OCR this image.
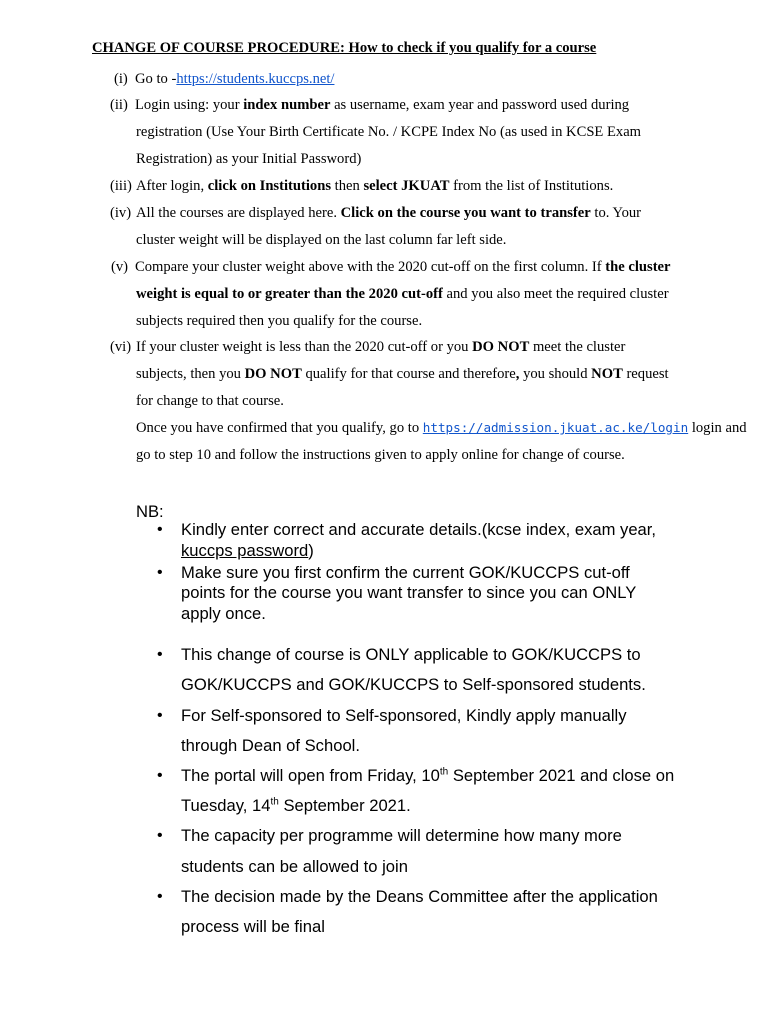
CHANGE OF COURSE PROCEDURE: How to check if you qualify for a course
(i) Go to -https://students.kuccps.net/
(ii) Login using: your index number as username, exam year and password used during
registration (Use Your Birth Certificate No. / KCPE Index No (as used in KCSE Exam
Registration) as your Initial Password)
(iii) After login, click on Institutions then select JKUAT from the list of Institutions.
(iv) All the courses are displayed here. Click on the course you want to transfer to. Your
cluster weight will be displayed on the last column far left side.
(v) Compare your cluster weight above with the 2020 cut-off on the first column. If the cluster
weight is equal to or greater than the 2020 cut-off and you also meet the required cluster
subjects required then you qualify for the course.
(vi) If your cluster weight is less than the 2020 cut-off or you DO NOT meet the cluster
subjects, then you DO NOT qualify for that course and therefore, you should NOT request
for change to that course.
Once you have confirmed that you qualify, go to https://admission.jkuat.ac.ke/login login and
go to step 10 and follow the instructions given to apply online for change of course.
NB:
• Kindly enter correct and accurate details.(kcse index, exam year,
kuccps password)
• Make sure you first confirm the current GOK/KUCCPS cut-off
points for the course you want transfer to since you can ONLY
apply once.
• This change of course is ONLY applicable to GOK/KUCCPS to
GOK/KUCCPS and GOK/KUCCPS to Self-sponsored students.
• For Self-sponsored to Self-sponsored, Kindly apply manually
through Dean of School.
• The portal will open from Friday, 10th September 2021 and close on
Tuesday, 14th September 2021.
• The capacity per programme will determine how many more
students can be allowed to join
• The decision made by the Deans Committee after the application
process will be final
